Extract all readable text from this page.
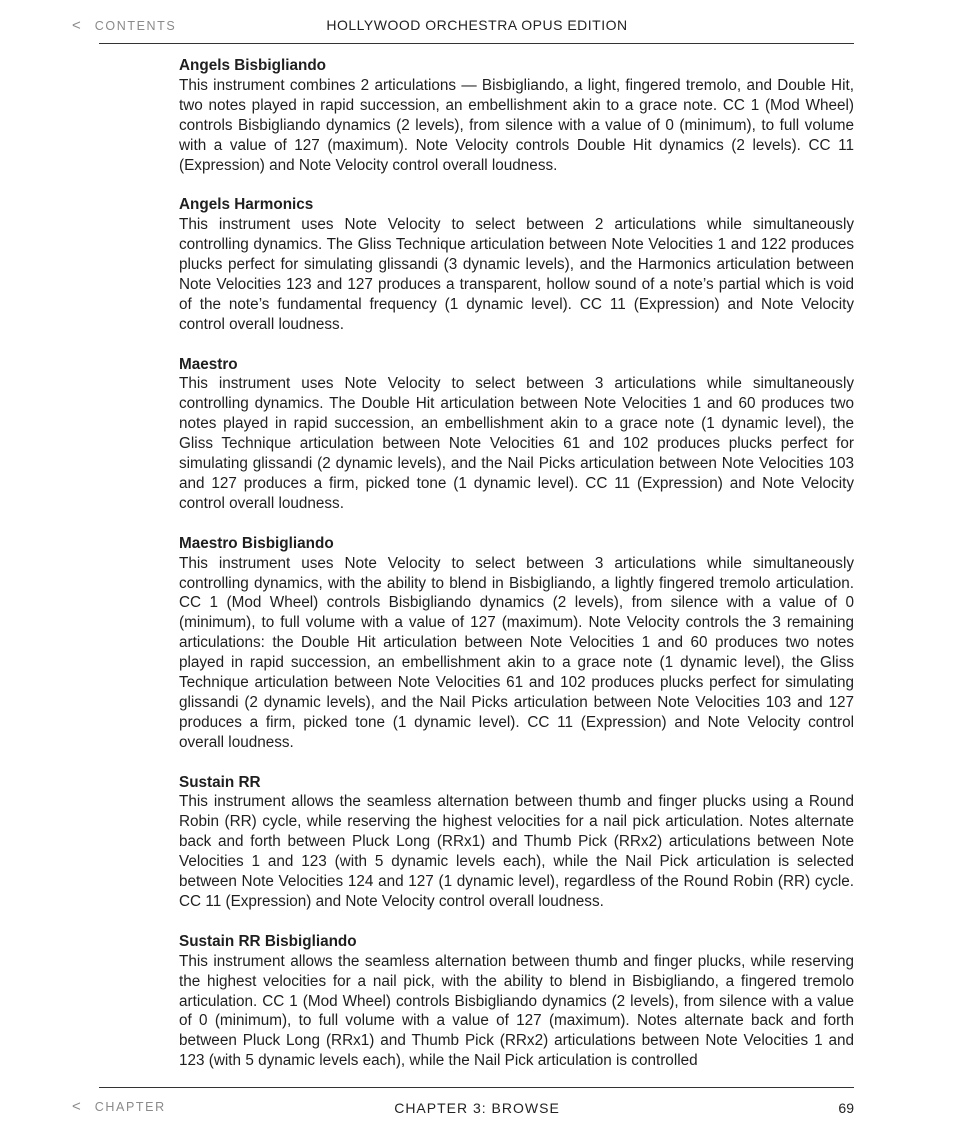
< CONTENTS	HOLLYWOOD ORCHESTRA OPUS EDITION
Angels Bisbigliando

This instrument combines 2 articulations — Bisbigliando, a light, fingered tremolo, and Double Hit, two notes played in rapid succession, an embellishment akin to a grace note. CC 1 (Mod Wheel) controls Bisbigliando dynamics (2 levels), from silence with a value of 0 (minimum), to full volume with a value of 127 (maximum). Note Velocity controls Double Hit dynamics (2 levels). CC 11 (Expression) and Note Velocity control overall loudness.

Angels Harmonics

This instrument uses Note Velocity to select between 2 articulations while simultaneously controlling dynamics. The Gliss Technique articulation between Note Velocities 1 and 122 produces plucks perfect for simulating glissandi (3 dynamic levels), and the Harmonics articulation between Note Velocities 123 and 127 produces a transparent, hollow sound of a note’s partial which is void of the note’s fundamental frequency (1 dynamic level). CC 11 (Expression) and Note Velocity control overall loudness.

Maestro

This instrument uses Note Velocity to select between 3 articulations while simultaneously controlling dynamics. The Double Hit articulation between Note Velocities 1 and 60 produces two notes played in rapid succession, an embellishment akin to a grace note (1 dynamic level), the Gliss Technique articulation between Note Velocities 61 and 102 produces plucks perfect for simulating glissandi (2 dynamic levels), and the Nail Picks articulation between Note Velocities 103 and 127 produces a firm, picked tone (1 dynamic level). CC 11 (Expression) and Note Velocity control overall loudness.

Maestro Bisbigliando

This instrument uses Note Velocity to select between 3 articulations while simultaneously controlling dynamics, with the ability to blend in Bisbigliando, a lightly fingered tremolo articulation. CC 1 (Mod Wheel) controls Bisbigliando dynamics (2 levels), from silence with a value of 0 (minimum), to full volume with a value of 127 (maximum). Note Velocity controls the 3 remaining articulations: the Double Hit articulation between Note Velocities 1 and 60 produces two notes played in rapid succession, an embellishment akin to a grace note (1 dynamic level), the Gliss Technique articulation between Note Velocities 61 and 102 produces plucks perfect for simulating glissandi (2 dynamic levels), and the Nail Picks articulation between Note Velocities 103 and 127 produces a firm, picked tone (1 dynamic level). CC 11 (Expression) and Note Velocity control overall loudness.

Sustain RR

This instrument allows the seamless alternation between thumb and finger plucks using a Round Robin (RR) cycle, while reserving the highest velocities for a nail pick articulation. Notes alternate back and forth between Pluck Long (RRx1) and Thumb Pick (RRx2) articulations between Note Velocities 1 and 123 (with 5 dynamic levels each), while the Nail Pick articulation is selected between Note Velocities 124 and 127 (1 dynamic level), regardless of the Round Robin (RR) cycle. CC 11 (Expression) and Note Velocity control overall loudness.

Sustain RR Bisbigliando

This instrument allows the seamless alternation between thumb and finger plucks, while reserving the highest velocities for a nail pick, with the ability to blend in Bisbigliando, a fingered tremolo articulation. CC 1 (Mod Wheel) controls Bisbigliando dynamics (2 levels), from silence with a value of 0 (minimum), to full volume with a value of 127 (maximum). Notes alternate back and forth between Pluck Long (RRx1) and Thumb Pick (RRx2) articulations between Note Velocities 1 and 123 (with 5 dynamic levels each), while the Nail Pick articulation is controlled

< CHAPTER	CHAPTER 3: BROWSE	69
